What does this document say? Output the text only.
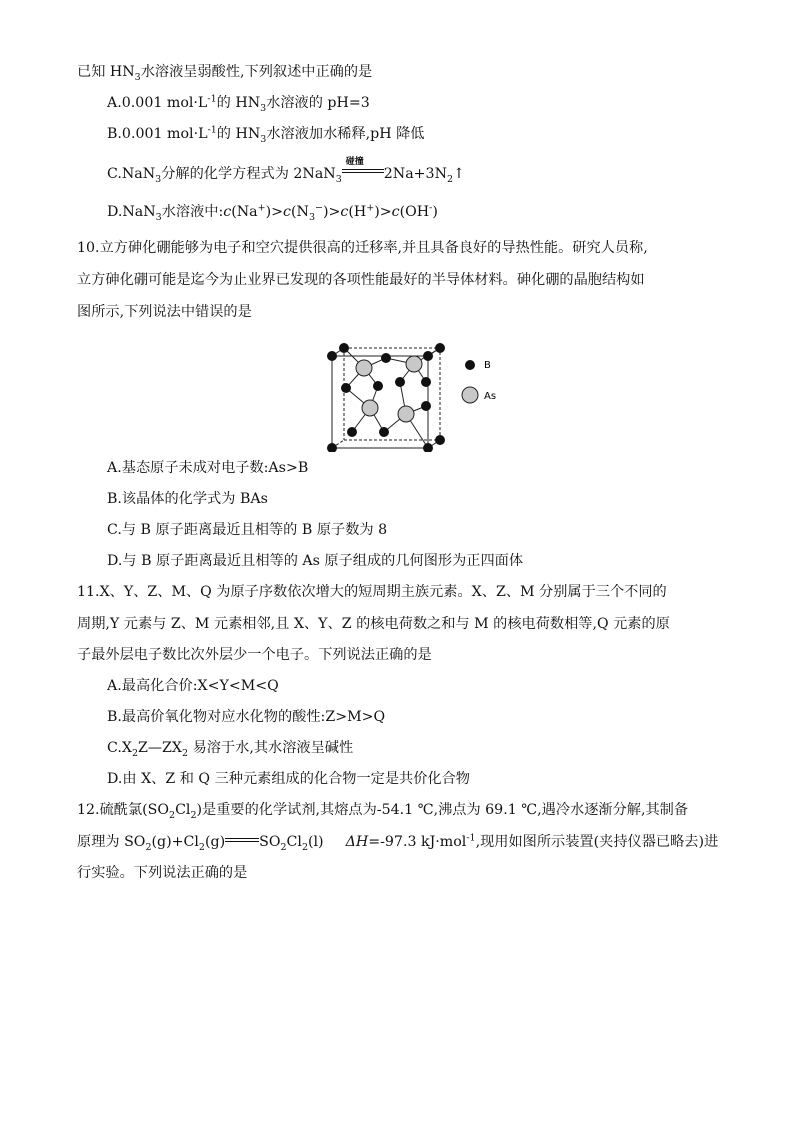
已知 $HN_3$水溶液呈弱酸性,下列叙述中正确的是
A.0.001 $mol\cdot L^{-1}$的 $HN_3$水溶液的 pH=3
B.0.001 $mol\cdot L^{-1}$的 $HN_3$水溶液加水稀释,pH 降低
C.NaN$_3$分解的化学方程式为 2NaN$_3$
碰撞
$2Na+3N_2↑$
D.NaN$_3$水溶液中$:c(Na^+)>c(N_3^-)>c(H^+)>c(OH^-)$
10.立方砷化硼能够为电子和空穴提供很高的迁移率,并且具备良好的导热性能。研究人员称,
立方砷化硼可能是迄今为止业界已发现的各项性能最好的半导体材料。砷化硼的晶胞结构如
图所示,下列说法中错误的是
B
As
A.基态原子未成对电子数:As>B
B.该晶体的化学式为 BAs
C.与 B 原子距离最近且相等的 B 原子数为 8
D.与 B 原子距离最近且相等的 As 原子组成的几何图形为正四面体
11.X、Y、Z、M、Q 为原子序数依次增大的短周期主族元素。X、Z、M 分别属于三个不同的
周期,Y 元素与 Z、M 元素相邻,且 X、Y、Z 的核电荷数之和与 M 的核电荷数相等,Q 元素的原
子最外层电子数比次外层少一个电子。下列说法正确的是
A.最高化合价:X<Y<M<Q
B.最高价氧化物对应水化物的酸性:Z>M>Q
$C.X_2Z—ZX_2$ 易溶于水,其水溶液呈碱性
D.由 X、Z 和 Q 三种元素组成的化合物一定是共价化合物
12.硫酰氯$(SO_2Cl_2)$是重要的化学试剂,其熔点为-54.1 ℃,沸点为 69.1 ℃,遇冷水逐渐分解,其制备
原理为 $SO_2(g)+Cl_2(g)$ $SO_2Cl_2(l)$ ΔH=-97.3 kJ·mol$^{-1}$,现用如图所示装置(夹持仪器已略去)进
行实验。下列说法正确的是
